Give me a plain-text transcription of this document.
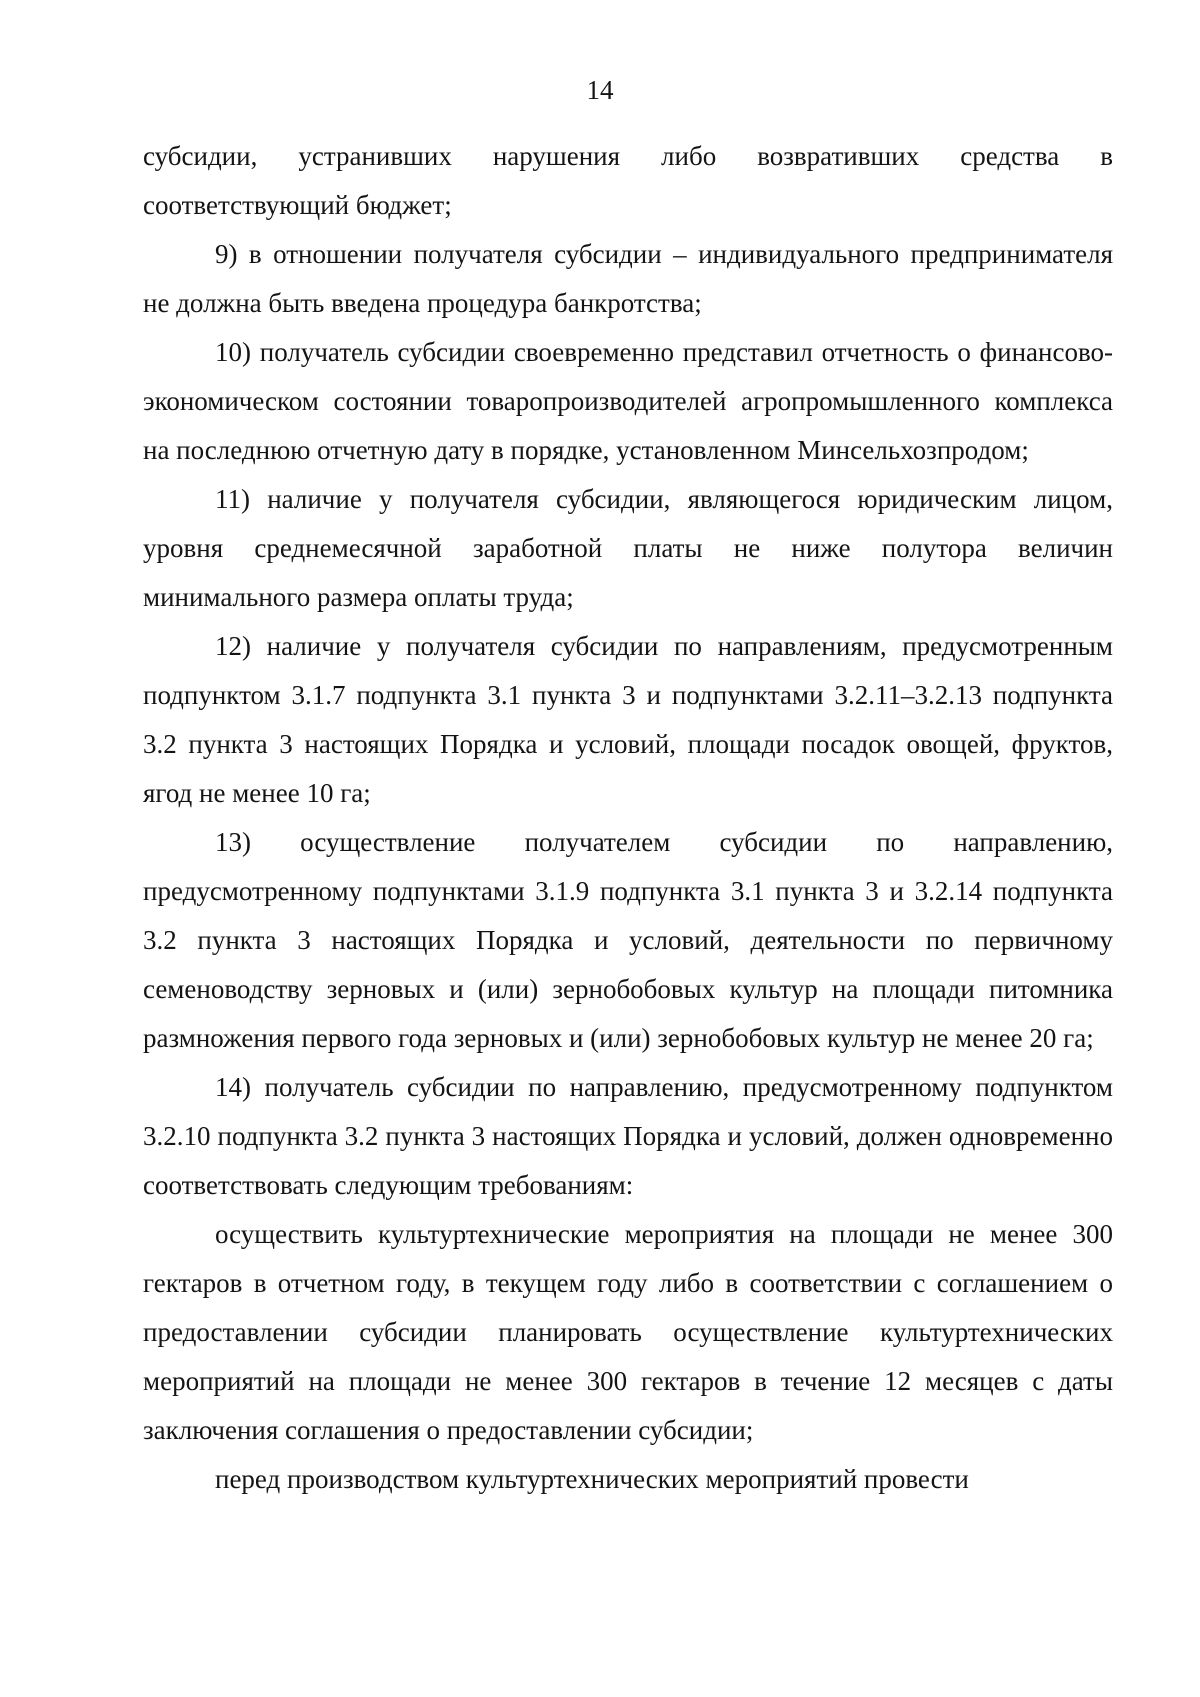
14

субсидии, устранивших нарушения либо возвративших средства в соответствующий бюджет;

9) в отношении получателя субсидии – индивидуального предпринимателя не должна быть введена процедура банкротства;

10) получатель субсидии своевременно представил отчетность о финансово-экономическом состоянии товаропроизводителей агропромышленного комплекса на последнюю отчетную дату в порядке, установленном Минсельхозпродом;

11) наличие у получателя субсидии, являющегося юридическим лицом, уровня среднемесячной заработной платы не ниже полутора величин минимального размера оплаты труда;

12) наличие у получателя субсидии по направлениям, предусмотренным подпунктом 3.1.7 подпункта 3.1 пункта 3 и подпунктами 3.2.11–3.2.13 подпункта 3.2 пункта 3 настоящих Порядка и условий, площади посадок овощей, фруктов, ягод не менее 10 га;

13) осуществление получателем субсидии по направлению, предусмотренному подпунктами 3.1.9 подпункта 3.1 пункта 3 и 3.2.14 подпункта 3.2 пункта 3 настоящих Порядка и условий, деятельности по первичному семеноводству зерновых и (или) зернобобовых культур на площади питомника размножения первого года зерновых и (или) зернобобовых культур не менее 20 га;

14) получатель субсидии по направлению, предусмотренному подпунктом 3.2.10 подпункта 3.2 пункта 3 настоящих Порядка и условий, должен одновременно соответствовать следующим требованиям:

осуществить культуртехнические мероприятия на площади не менее 300 гектаров в отчетном году, в текущем году либо в соответствии с соглашением о предоставлении субсидии планировать осуществление культуртехнических мероприятий на площади не менее 300 гектаров в течение 12 месяцев с даты заключения соглашения о предоставлении субсидии;

перед производством культуртехнических мероприятий провести
